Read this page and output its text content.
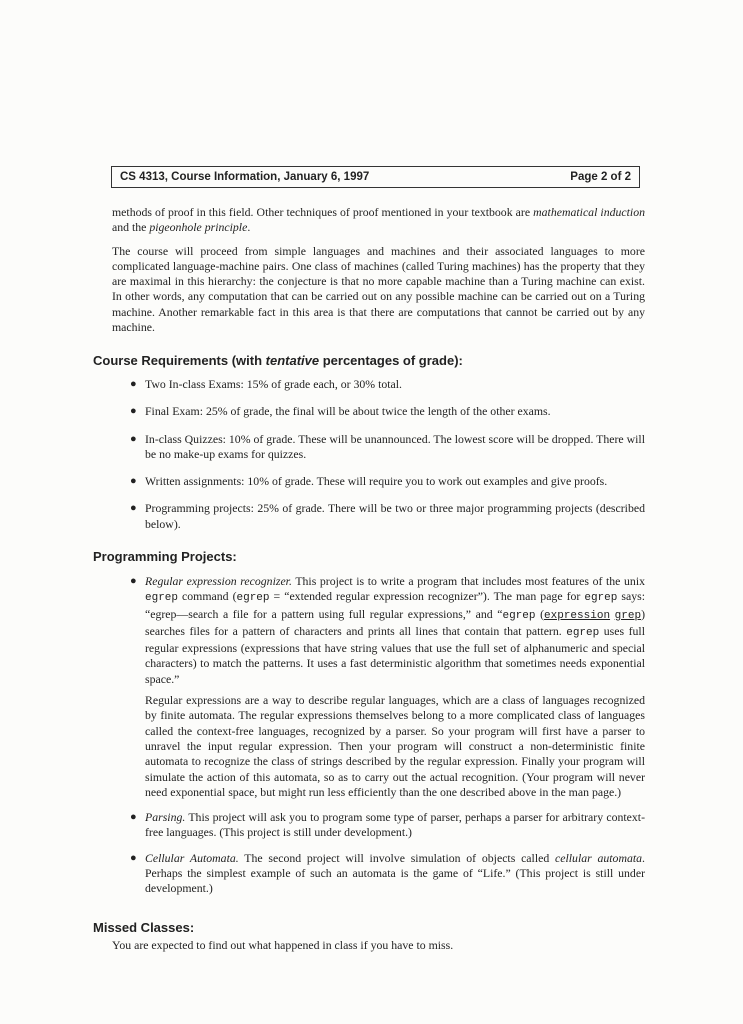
CS 4313, Course Information, January 6, 1997	Page 2 of 2

methods of proof in this field. Other techniques of proof mentioned in your textbook are mathematical induction and the pigeonhole principle.

The course will proceed from simple languages and machines and their associated languages to more complicated language-machine pairs. One class of machines (called Turing machines) has the property that they are maximal in this hierarchy: the conjecture is that no more capable machine than a Turing machine can exist. In other words, any computation that can be carried out on any possible machine can be carried out on a Turing machine. Another remarkable fact in this area is that there are computations that cannot be carried out by any machine.

Course Requirements (with tentative percentages of grade):
● Two In-class Exams: 15% of grade each, or 30% total.
● Final Exam: 25% of grade, the final will be about twice the length of the other exams.
● In-class Quizzes: 10% of grade. These will be unannounced. The lowest score will be dropped. There will be no make-up exams for quizzes.
● Written assignments: 10% of grade. These will require you to work out examples and give proofs.
● Programming projects: 25% of grade. There will be two or three major programming projects (described below).
Programming Projects:
● Regular expression recognizer. This project is to write a program that includes most features of the unix egrep command (egrep = “extended regular expression recognizer”). The man page for egrep says: “egrep—search a file for a pattern using full regular expressions,” and “egrep (expression grep) searches files for a pattern of characters and prints all lines that contain that pattern. egrep uses full regular expressions (expressions that have string values that use the full set of alphanumeric and special characters) to match the patterns. It uses a fast deterministic algorithm that sometimes needs exponential space.”
Regular expressions are a way to describe regular languages, which are a class of languages recognized by finite automata. The regular expressions themselves belong to a more complicated class of languages called the context-free languages, recognized by a parser. So your program will first have a parser to unravel the input regular expression. Then your program will construct a non-deterministic finite automata to recognize the class of strings described by the regular expression. Finally your program will simulate the action of this automata, so as to carry out the actual recognition. (Your program will never need exponential space, but might run less efficiently than the one described above in the man page.)
● Parsing. This project will ask you to program some type of parser, perhaps a parser for arbitrary context-free languages. (This project is still under development.)
● Cellular Automata. The second project will involve simulation of objects called cellular automata. Perhaps the simplest example of such an automata is the game of “Life.” (This project is still under development.)
Missed Classes:
You are expected to find out what happened in class if you have to miss.
